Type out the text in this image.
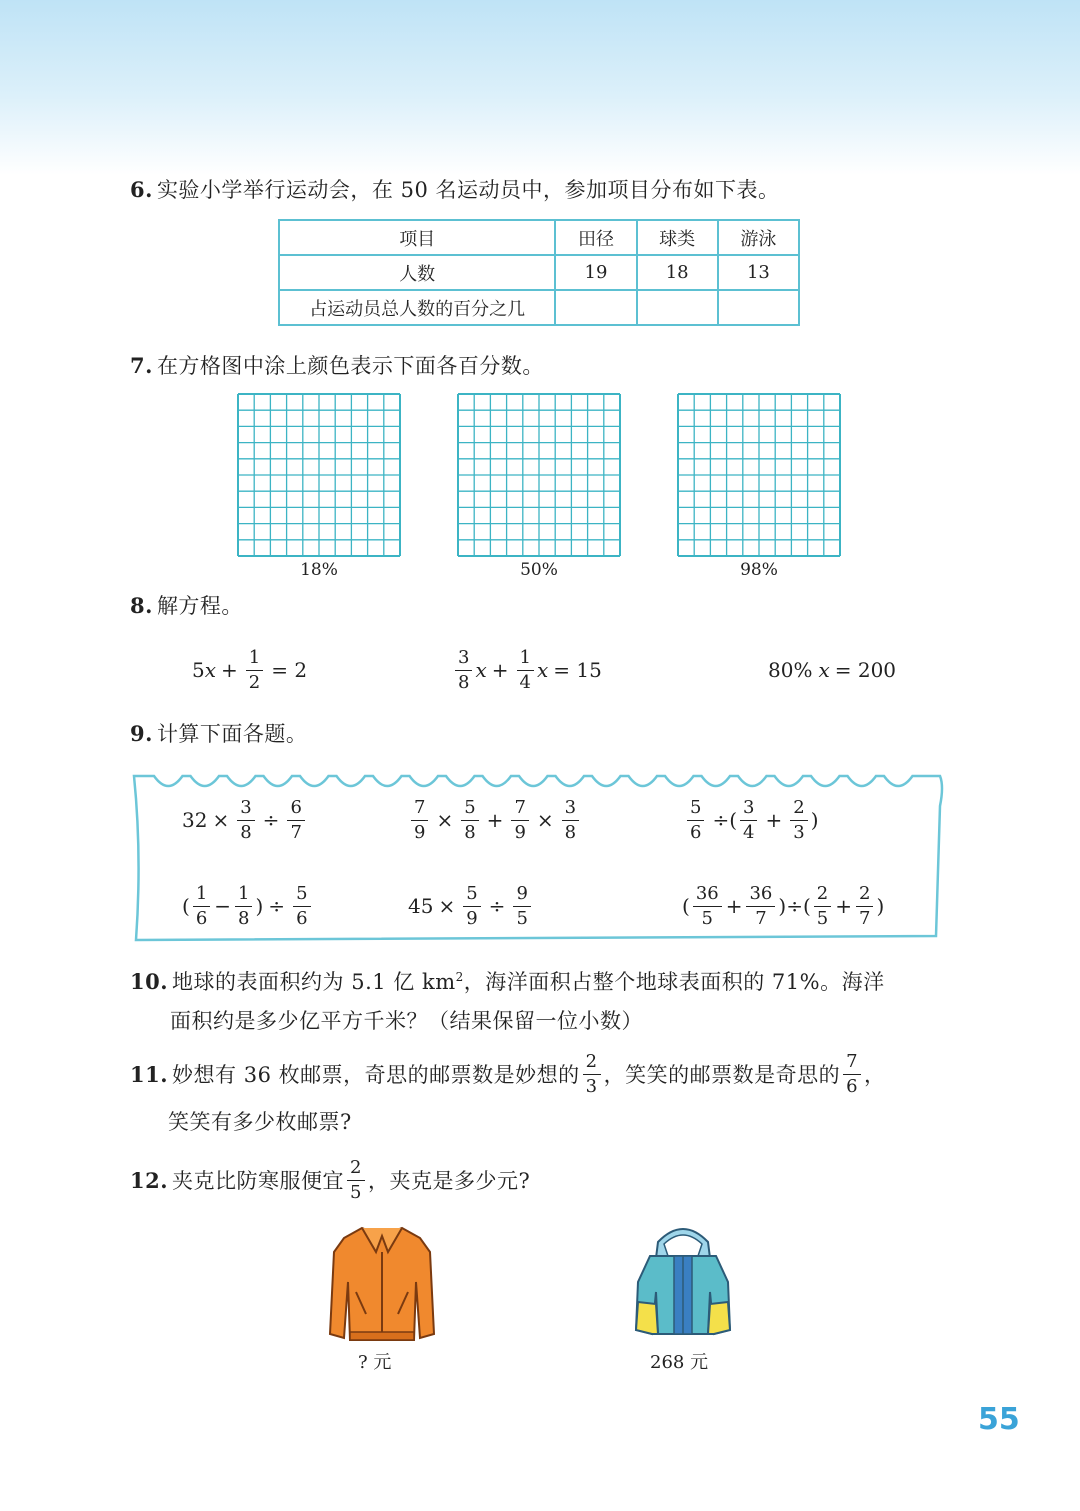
6. 实验小学举行运动会，在 50 名运动员中，参加项目分布如下表。
项目	田径	球类	游泳
人数	19	18	13
占运动员总人数的百分之几			
7. 在方格图中涂上颜色表示下面各百分数。
18%	50%	98%
8. 解方程。
5 $x + \frac{1}{2} = 2$	$\frac{3}{8}$ $x + \frac{1}{4}$ x = 15	80% x = 200
9. 计算下面各题。
$32 \times \frac{3}{8} \div \frac{6}{7}$	$\frac{7}{9} \times \frac{5}{8} + \frac{7}{9} \times \frac{3}{8}$	$\frac{5}{6}$ ÷ ( $\frac{3}{4} + \frac{2}{3}$ )
( $\frac{1}{6} - \frac{1}{8}$ ) ÷ $\frac{5}{6}$	$45 \times \frac{5}{9} \div \frac{9}{5}$	( $\frac{36}{5} + \frac{36}{7}$ ) ÷ ( $\frac{2}{5} + \frac{2}{7}$ )
10. 地球的表面积约为 5.1 亿 $km^2$，海洋面积占整个地球表面积的 71%。海洋
面积约是多少亿平方千米？（结果保留一位小数）
11. 妙想有 36 枚邮票，奇思的邮票数是妙想的 $\frac{2}{3}$ ，笑笑的邮票数是奇思的 $\frac{7}{6}$ ，
笑笑有多少枚邮票?
12. 夹克比防寒服便宜 $\frac{2}{5}$ ，夹克是多少元?
? 元	268 元
55
